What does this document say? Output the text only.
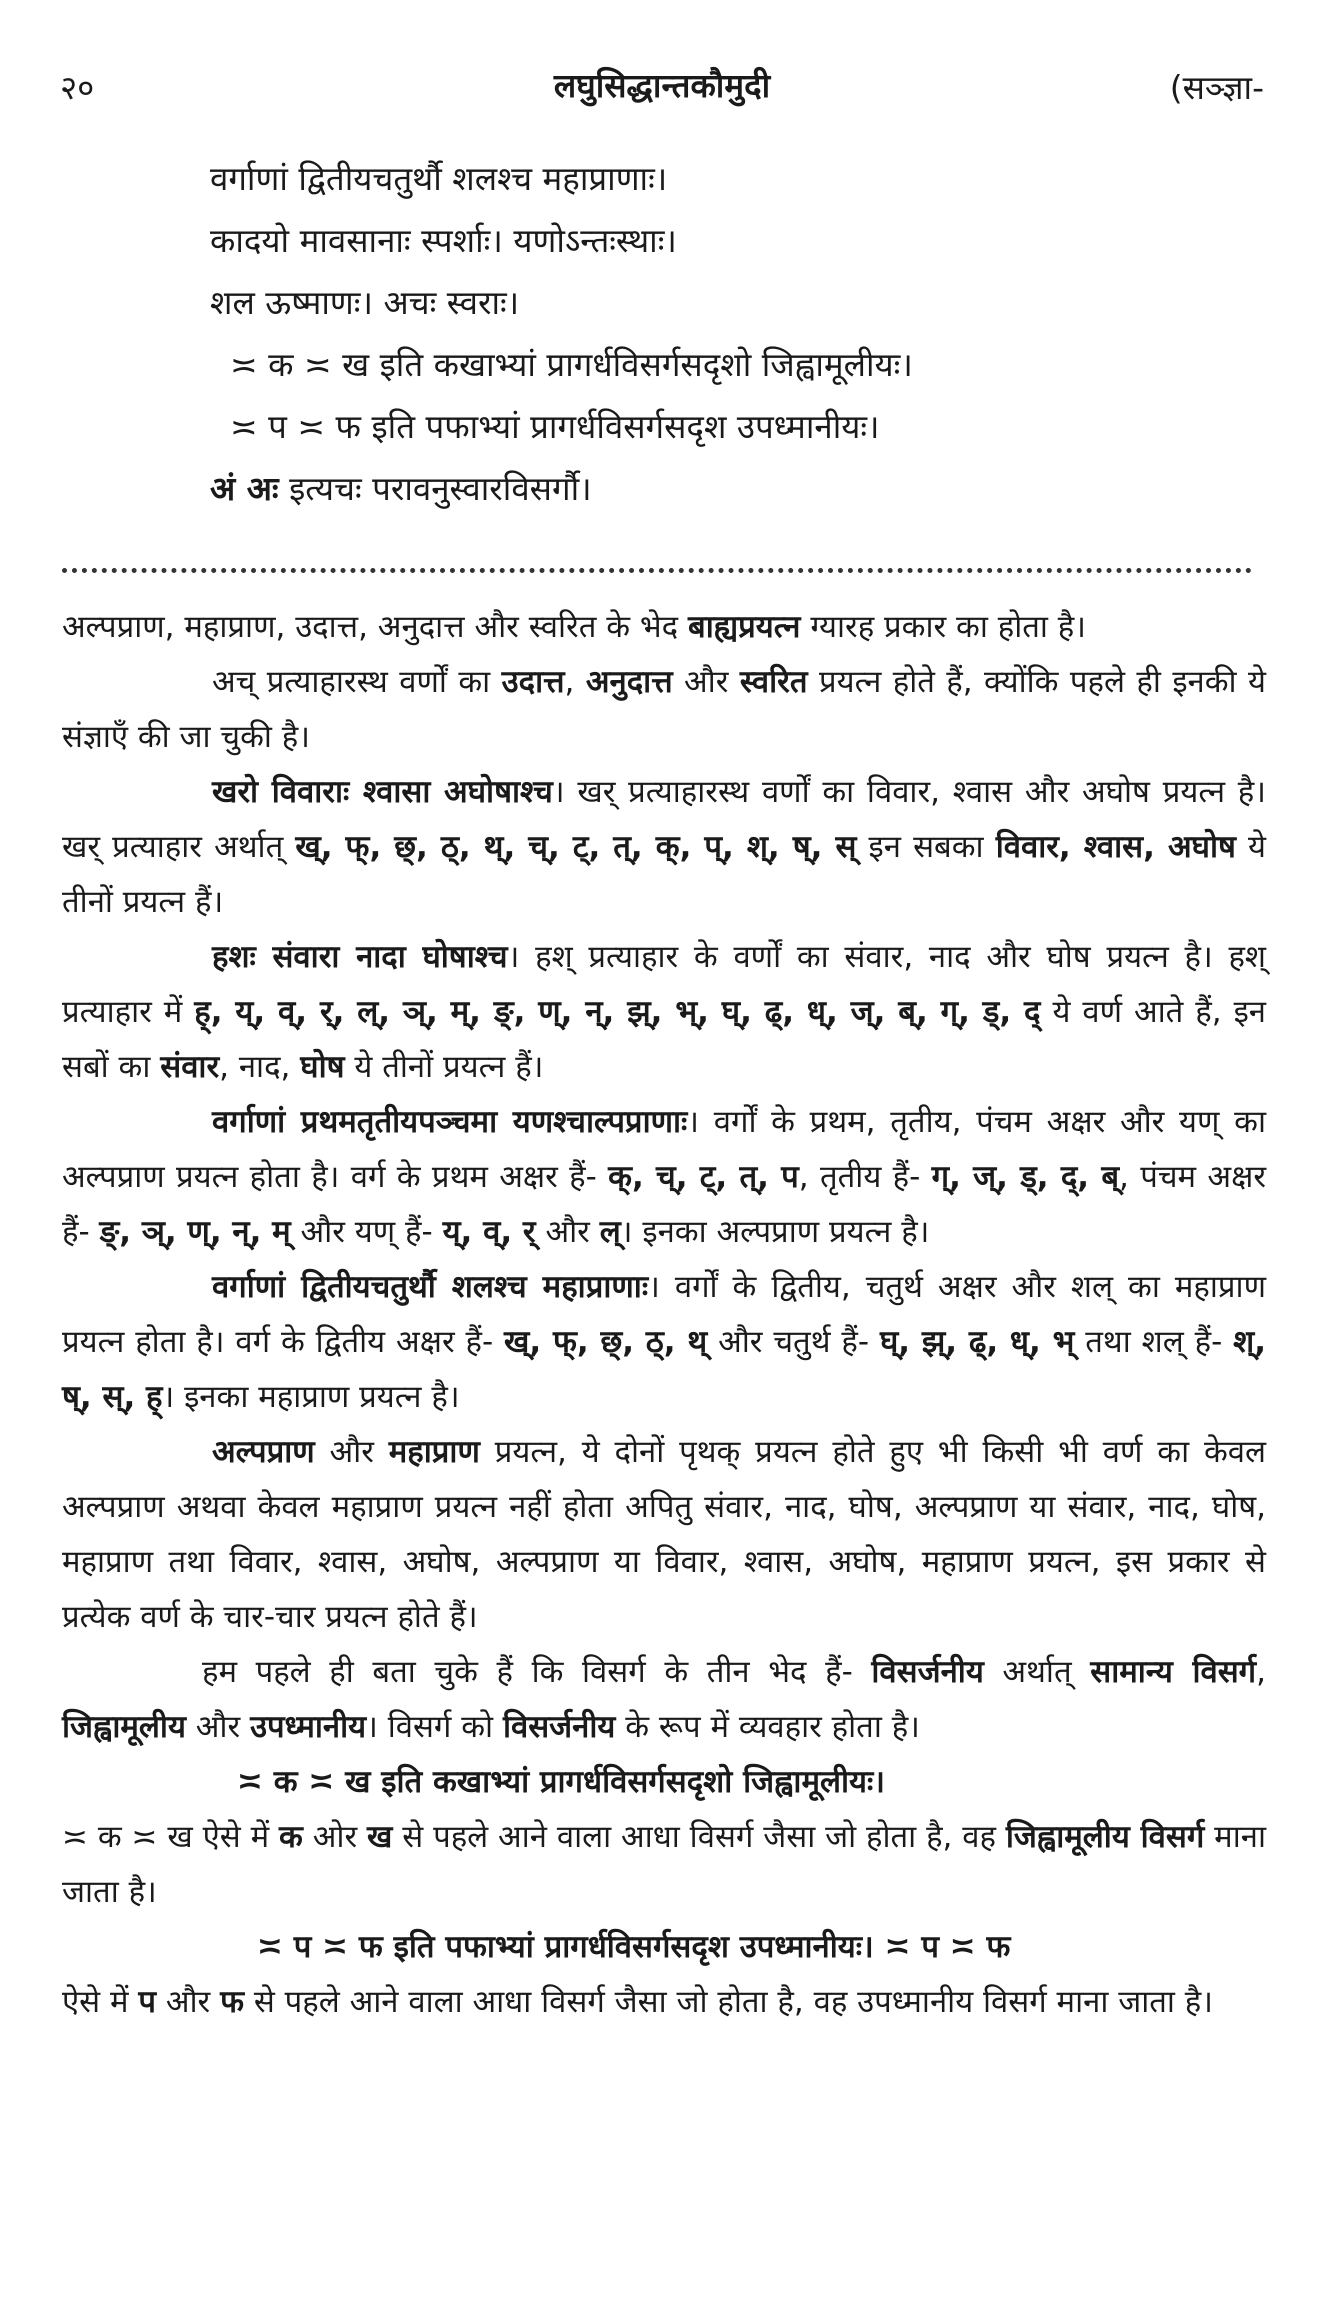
२०	लघुसिद्धान्तकौमुदी	(सञ्ज्ञा-
वर्गाणां द्वितीयचतुर्थौ शलश्च महाप्राणाः।
कादयो मावसानाः स्पर्शाः। यणोऽन्तःस्थाः।
शल ऊष्माणः। अचः स्वराः।
≍ क ≍ ख इति कखाभ्यां प्रागर्धविसर्गसदृशो जिह्वामूलीयः।
≍ प ≍ फ इति पफाभ्यां प्रागर्धविसर्गसदृश उपध्मानीयः।
अं अः इत्यचः परावनुस्वारविसर्गौ।

अल्पप्राण, महाप्राण, उदात्त, अनुदात्त और स्वरित के भेद बाह्यप्रयत्न ग्यारह प्रकार का होता है।

अच् प्रत्याहारस्थ वर्णों का उदात्त, अनुदात्त और स्वरित प्रयत्न होते हैं, क्योंकि पहले ही इनकी ये संज्ञाएँ की जा चुकी है।

खरो विवाराः श्वासा अघोषाश्च। खर् प्रत्याहारस्थ वर्णों का विवार, श्वास और अघोष प्रयत्न है। खर् प्रत्याहार अर्थात् ख्, फ्, छ्, ठ्, थ्, च्, ट्, त्, क्, प्, श्, ष्, स् इन सबका विवार, श्वास, अघोष ये तीनों प्रयत्न हैं।

हशः संवारा नादा घोषाश्च। हश् प्रत्याहार के वर्णों का संवार, नाद और घोष प्रयत्न है। हश् प्रत्याहार में ह्, य्, व्, र्, ल्, ञ्, म्, ङ्, ण्, न्, झ्, भ्, घ्, ढ्, ध्, ज्, ब्, ग्, ड्, द् ये वर्ण आते हैं, इन सबों का संवार, नाद, घोष ये तीनों प्रयत्न हैं।

वर्गाणां प्रथमतृतीयपञ्चमा यणश्चाल्पप्राणाः। वर्गों के प्रथम, तृतीय, पंचम अक्षर और यण् का अल्पप्राण प्रयत्न होता है। वर्ग के प्रथम अक्षर हैं- क्, च्, ट्, त्, प, तृतीय हैं- ग्, ज्, ड्, द्, ब्, पंचम अक्षर हैं- ङ्, ञ्, ण्, न्, म् और यण् हैं- य्, व्, र् और ल्। इनका अल्पप्राण प्रयत्न है।

वर्गाणां द्वितीयचतुर्थौ शलश्च महाप्राणाः। वर्गों के द्वितीय, चतुर्थ अक्षर और शल् का महाप्राण प्रयत्न होता है। वर्ग के द्वितीय अक्षर हैं- ख्, फ्, छ्, ठ्, थ् और चतुर्थ हैं- घ्, झ्, ढ्, ध्, भ् तथा शल् हैं- श्, ष्, स्, ह्। इनका महाप्राण प्रयत्न है।

अल्पप्राण और महाप्राण प्रयत्न, ये दोनों पृथक् प्रयत्न होते हुए भी किसी भी वर्ण का केवल अल्पप्राण अथवा केवल महाप्राण प्रयत्न नहीं होता अपितु संवार, नाद, घोष, अल्पप्राण या संवार, नाद, घोष, महाप्राण तथा विवार, श्वास, अघोष, अल्पप्राण या विवार, श्वास, अघोष, महाप्राण प्रयत्न, इस प्रकार से प्रत्येक वर्ण के चार-चार प्रयत्न होते हैं।

हम पहले ही बता चुके हैं कि विसर्ग के तीन भेद हैं- विसर्जनीय अर्थात् सामान्य विसर्ग, जिह्वामूलीय और उपध्मानीय। विसर्ग को विसर्जनीय के रूप में व्यवहार होता है।

≍ क ≍ ख इति कखाभ्यां प्रागर्धविसर्गसदृशो जिह्वामूलीयः।

≍ क ≍ ख ऐसे में क ओर ख से पहले आने वाला आधा विसर्ग जैसा जो होता है, वह जिह्वामूलीय विसर्ग माना जाता है।

≍ प ≍ फ इति पफाभ्यां प्रागर्धविसर्गसदृश उपध्मानीयः। ≍ प ≍ फ

ऐसे में प और फ से पहले आने वाला आधा विसर्ग जैसा जो होता है, वह उपध्मानीय विसर्ग माना जाता है।
